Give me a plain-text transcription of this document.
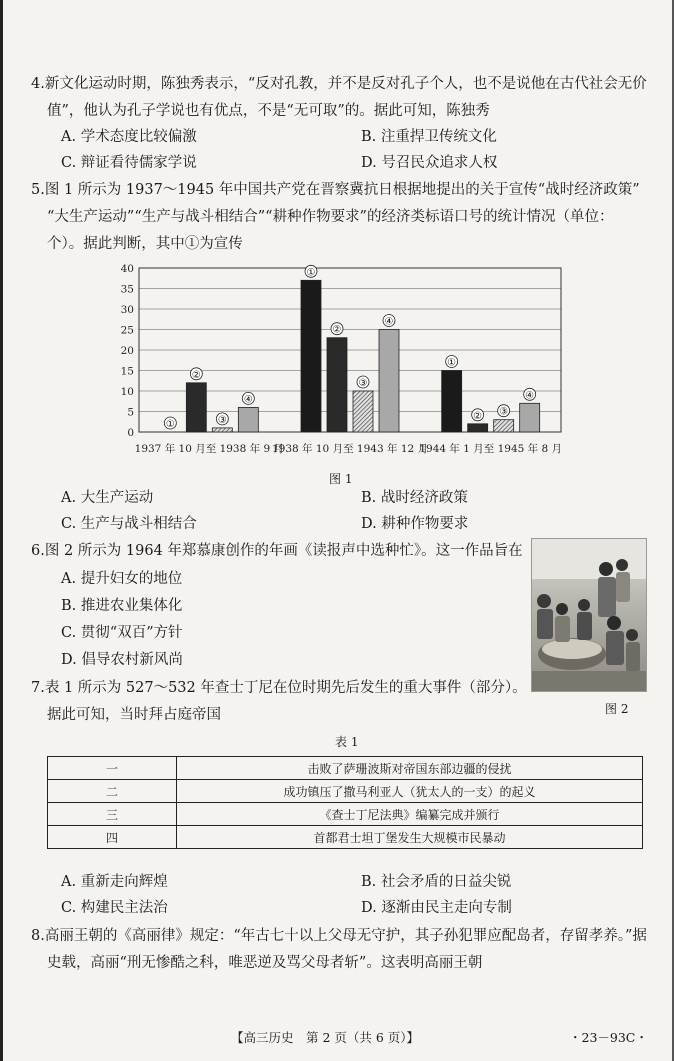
4.新文化运动时期，陈独秀表示，“反对孔教，并不是反对孔子个人，也不是说他在古代社会无价
值”，他认为孔子学说也有优点，不是“无可取”的。据此可知，陈独秀
A. 学术态度比较偏激	B. 注重捍卫传统文化
C. 辩证看待儒家学说	D. 号召民众追求人权
5.图 1 所示为 1937～1945 年中国共产党在晋察冀抗日根据地提出的关于宣传“战时经济政策”
“大生产运动”“生产与战斗相结合”“耕种作物要求”的经济类标语口号的统计情况（单位：
个）。据此判断，其中①为宣传
0
5
10
15
20
25
30
35
40
①
②
③
④
1937 年 10 月至 1938 年 9 月
①
②
③
④
1938 年 10 月至 1943 年 12 月
①
② ③
④
1944 年 1 月至 1945 年 8 月
图 1
A. 大生产运动	B. 战时经济政策
C. 生产与战斗相结合	D. 耕种作物要求
6.图 2 所示为 1964 年郑慕康创作的年画《读报声中选种忙》。这一作品旨在
A. 提升妇女的地位
B. 推进农业集体化
C. 贯彻“双百”方针
D. 倡导农村新风尚
图 2
7.表 1 所示为 527～532 年查士丁尼在位时期先后发生的重大事件（部分）。
据此可知，当时拜占庭帝国
表 1
一	击败了萨珊波斯对帝国东部边疆的侵扰
二	成功镇压了撒马利亚人（犹太人的一支）的起义
三	《查士丁尼法典》编纂完成并颁行
四	首都君士坦丁堡发生大规模市民暴动
A. 重新走向辉煌	B. 社会矛盾的日益尖锐
C. 构建民主法治	D. 逐渐由民主走向专制
8.高丽王朝的《高丽律》规定：“年古七十以上父母无守护，其子孙犯罪应配岛者，存留孝养。”据
史载，高丽“刑无惨酷之科，唯恶逆及骂父母者斩”。这表明高丽王朝
【高三历史　第 2 页（共 6 页）】	・23－93C・
